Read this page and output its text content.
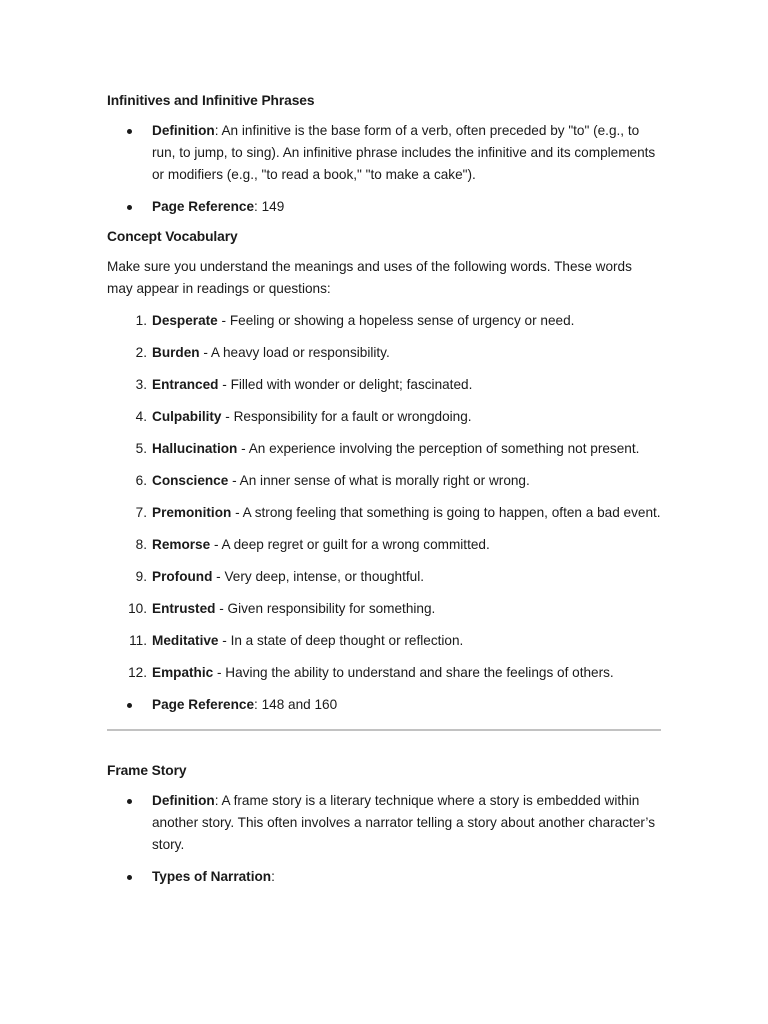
Infinitives and Infinitive Phrases
Definition: An infinitive is the base form of a verb, often preceded by "to" (e.g., to run, to jump, to sing). An infinitive phrase includes the infinitive and its complements or modifiers (e.g., "to read a book," "to make a cake").
Page Reference: 149
Concept Vocabulary

Make sure you understand the meanings and uses of the following words. These words may appear in readings or questions:

1. Desperate - Feeling or showing a hopeless sense of urgency or need.
2. Burden - A heavy load or responsibility.
3. Entranced - Filled with wonder or delight; fascinated.
4. Culpability - Responsibility for a fault or wrongdoing.
5. Hallucination - An experience involving the perception of something not present.
6. Conscience - An inner sense of what is morally right or wrong.
7. Premonition - A strong feeling that something is going to happen, often a bad event.
8. Remorse - A deep regret or guilt for a wrong committed.
9. Profound - Very deep, intense, or thoughtful.
10. Entrusted - Given responsibility for something.
11. Meditative - In a state of deep thought or reflection.
12. Empathic - Having the ability to understand and share the feelings of others.
Page Reference: 148 and 160
Frame Story
Definition: A frame story is a literary technique where a story is embedded within another story. This often involves a narrator telling a story about another character’s story.
Types of Narration:
